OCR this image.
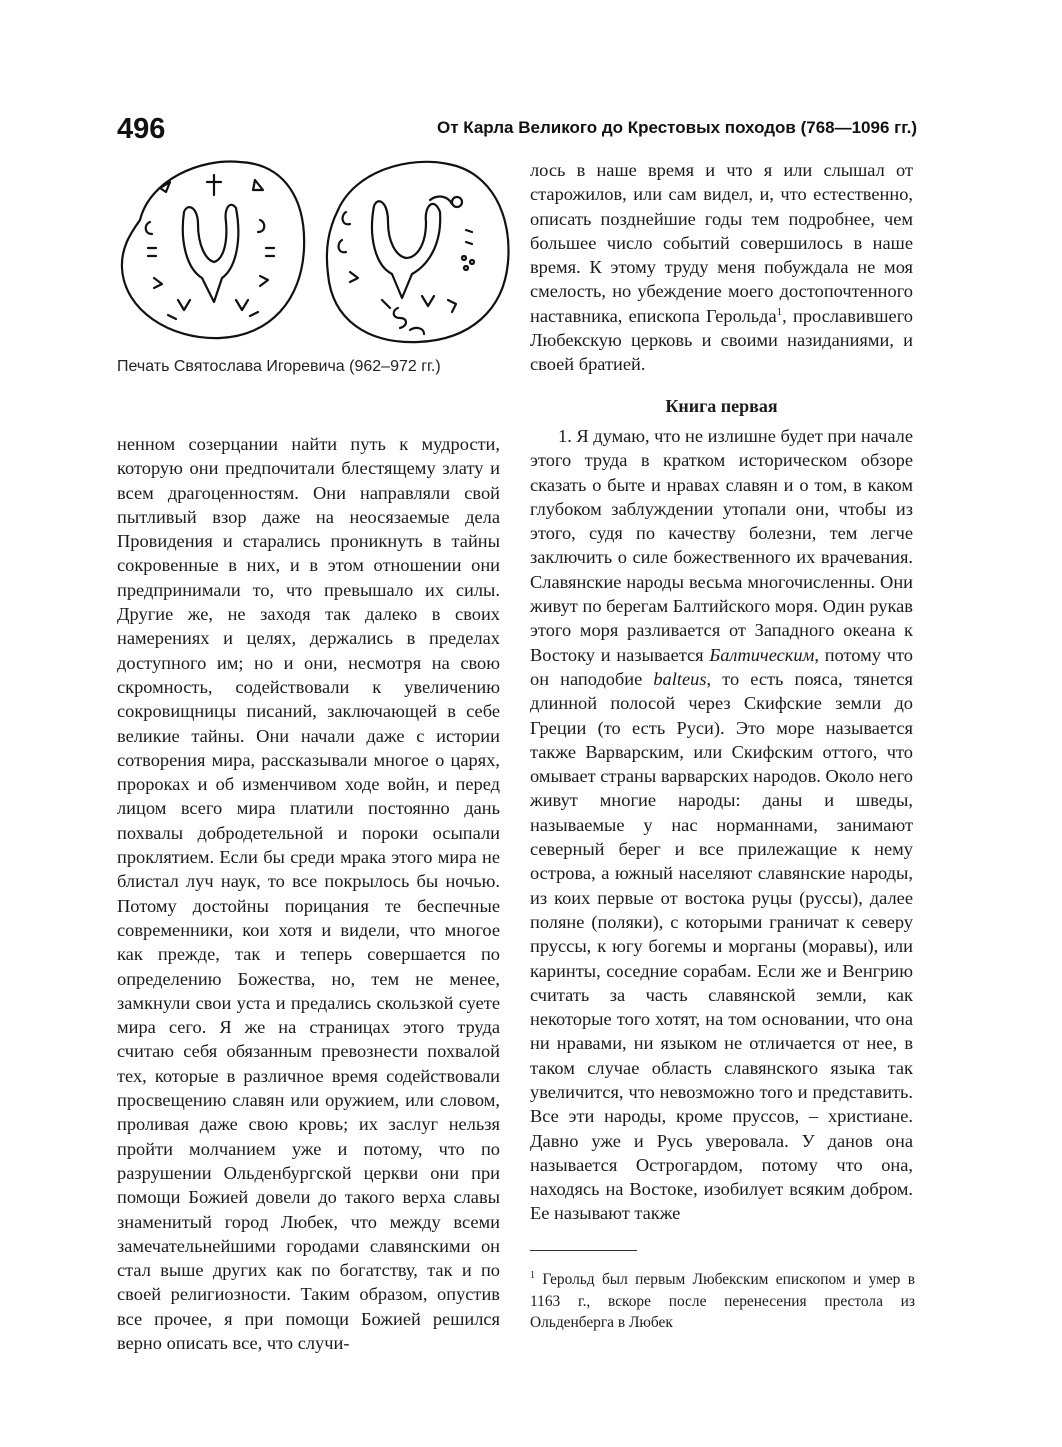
496	От Карла Великого до Крестовых походов (768—1096 гг.)
Печать Святослава Игоревича (962–972 гг.)

лось в наше время и что я или слышал от старожилов, или сам видел, и, что естественно, описать позднейшие годы тем подробнее, чем большее число событий совершилось в наше время. К этому труду меня побуждала не моя смелость, но убеждение моего достопочтенного наставника, епископа Герольда$^1$, прославившего Любекскую церковь и своими назиданиями, и своей братией.

Книга первая

1. Я думаю, что не излишне будет при начале этого труда в кратком историческом обзоре сказать о быте и нравах славян и о том, в каком глубоком заблуждении утопали они, чтобы из этого, судя по качеству болезни, тем легче заключить о силе божественного их врачевания. Славянские народы весьма многочисленны. Они живут по берегам Балтийского моря. Один рукав этого моря разливается от Западного океана к Востоку и называется Балтическим, потому что он наподобие balteus, то есть пояса, тянется длинной полосой через Скифские земли до Греции (то есть Руси). Это море называется также Варварским, или Скифским оттого, что омывает страны варварских народов. Около него живут многие народы: даны и шведы, называемые у нас норманнами, занимают северный берег и все прилежащие к нему острова, а южный населяют славянские народы, из коих первые от востока руцы (руссы), далее поляне (поляки), с которыми граничат к северу пруссы, к югу богемы и морганы (моравы), или каринты, соседние сорабам. Если же и Венгрию считать за часть славянской земли, как некоторые того хотят, на том основании, что она ни нравами, ни языком не отличается от нее, в таком случае область славянского языка так увеличится, что невозможно того и представить. Все эти народы, кроме пруссов, – христиане. Давно уже и Русь уверовала. У данов она называется Острогардом, потому что она, находясь на Востоке, изобилует всяким добром. Ее называют также

ненном созерцании найти путь к мудрости, которую они предпочитали блестящему злату и всем драгоценностям. Они направляли свой пытливый взор даже на неосязаемые дела Провидения и старались проникнуть в тайны сокровенные в них, и в этом отношении они предпринимали то, что превышало их силы. Другие же, не заходя так далеко в своих намерениях и целях, держались в пределах доступного им; но и они, несмотря на свою скромность, содействовали к увеличению сокровищницы писаний, заключающей в себе великие тайны. Они начали даже с истории сотворения мира, рассказывали многое о царях, пророках и об изменчивом ходе войн, и перед лицом всего мира платили постоянно дань похвалы добродетельной и пороки осыпали проклятием. Если бы среди мрака этого мира не блистал луч наук, то все покрылось бы ночью. Потому достойны порицания те беспечные современники, кои хотя и видели, что многое как прежде, так и теперь совершается по определению Божества, но, тем не менее, замкнули свои уста и предались скользкой суете мира сего. Я же на страницах этого труда считаю себя обязанным превознести похвалой тех, которые в различное время содействовали просвещению славян или оружием, или словом, проливая даже свою кровь; их заслуг нельзя пройти молчанием уже и потому, что по разрушении Ольденбургской церкви они при помощи Божией довели до такого верха славы знаменитый город Любек, что между всеми замечательнейшими городами славянскими он стал выше других как по богатству, так и по своей религиозности. Таким образом, опустив все прочее, я при помощи Божией решился верно описать все, что случи-

$^1$ Герольд был первым Любекским епископом и умер в 1163 г., вскоре после перенесения престола из Ольденберга в Любек
